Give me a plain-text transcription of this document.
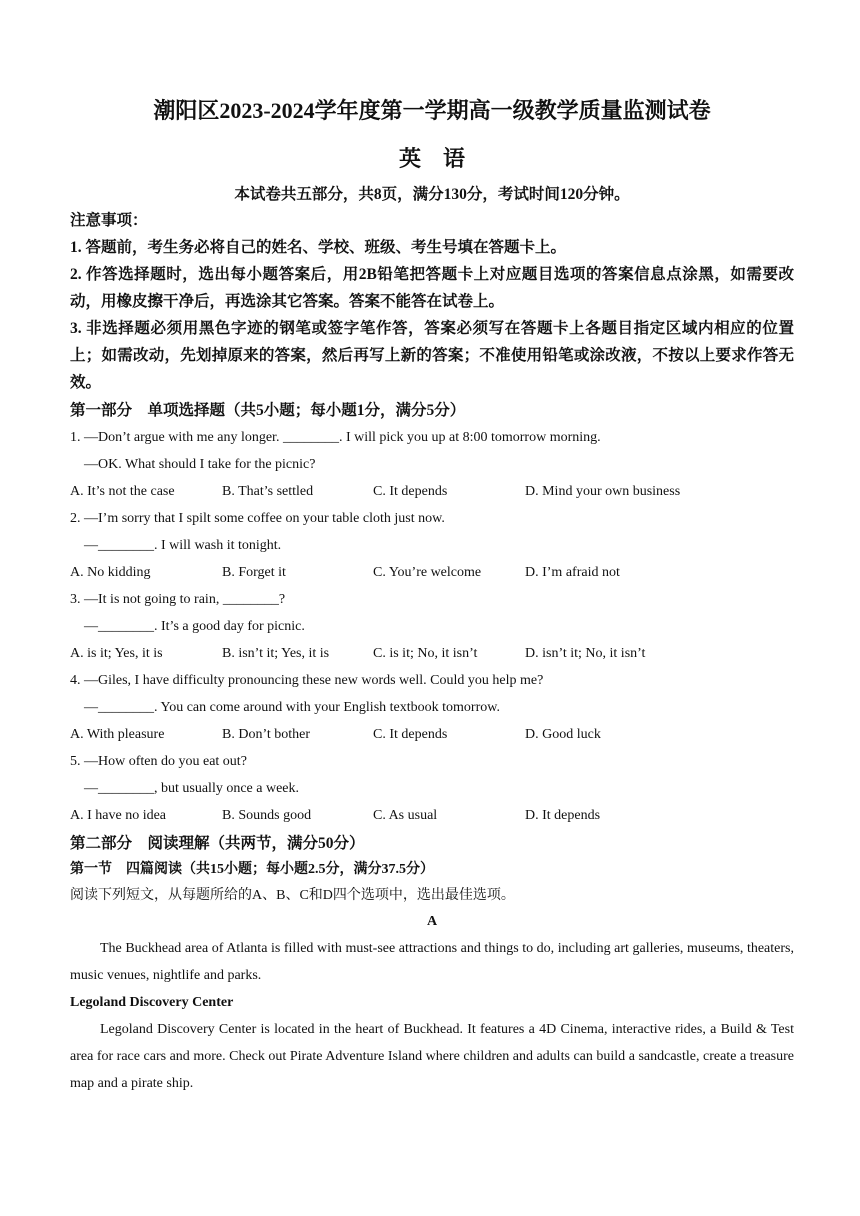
潮阳区2023-2024学年度第一学期高一级教学质量监测试卷
英语
本试卷共五部分，共8页，满分130分，考试时间120分钟。
注意事项：

1. 答题前，考生务必将自己的姓名、学校、班级、考生号填在答题卡上。

2. 作答选择题时，选出每小题答案后，用2B铅笔把答题卡上对应题目选项的答案信息点涂黑，如需要改动，用橡皮擦干净后，再选涂其它答案。答案不能答在试卷上。

3. 非选择题必须用黑色字迹的钢笔或签字笔作答，答案必须写在答题卡上各题目指定区域内相应的位置上；如需改动，先划掉原来的答案，然后再写上新的答案；不准使用铅笔或涂改液，不按以上要求作答无效。

第一部分　单项选择题（共5小题；每小题1分，满分5分）

1. —Don’t argue with me any longer. ________. I will pick you up at 8:00 tomorrow morning.

—OK. What should I take for the picnic?

A. It’s not the case	B. That’s settled	C. It depends	D. Mind your own business

2. —I’m sorry that I spilt some coffee on your table cloth just now.

—________. I will wash it tonight.

A. No kidding	B. Forget it	C. You’re welcome	D. I’m afraid not

3. —It is not going to rain, ________?

—________. It’s a good day for picnic.

A. is it; Yes, it is	B. isn’t it; Yes, it is	C. is it; No, it isn’t	D. isn’t it; No, it isn’t

4. —Giles, I have difficulty pronouncing these new words well. Could you help me?

—________. You can come around with your English textbook tomorrow.

A. With pleasure	B. Don’t bother	C. It depends	D. Good luck

5. —How often do you eat out?

—________, but usually once a week.

A. I have no idea	B. Sounds good	C. As usual	D. It depends
第二部分　阅读理解（共两节，满分50分）
第一节　四篇阅读（共15小题；每小题2.5分，满分37.5分）
阅读下列短文，从每题所给的A、B、C和D四个选项中，选出最佳选项。
A

The Buckhead area of Atlanta is filled with must-see attractions and things to do, including art galleries, museums, theaters, music venues, nightlife and parks.

Legoland Discovery Center

Legoland Discovery Center is located in the heart of Buckhead. It features a 4D Cinema, interactive rides, a Build & Test area for race cars and more. Check out Pirate Adventure Island where children and adults can build a sandcastle, create a treasure map and a pirate ship.
